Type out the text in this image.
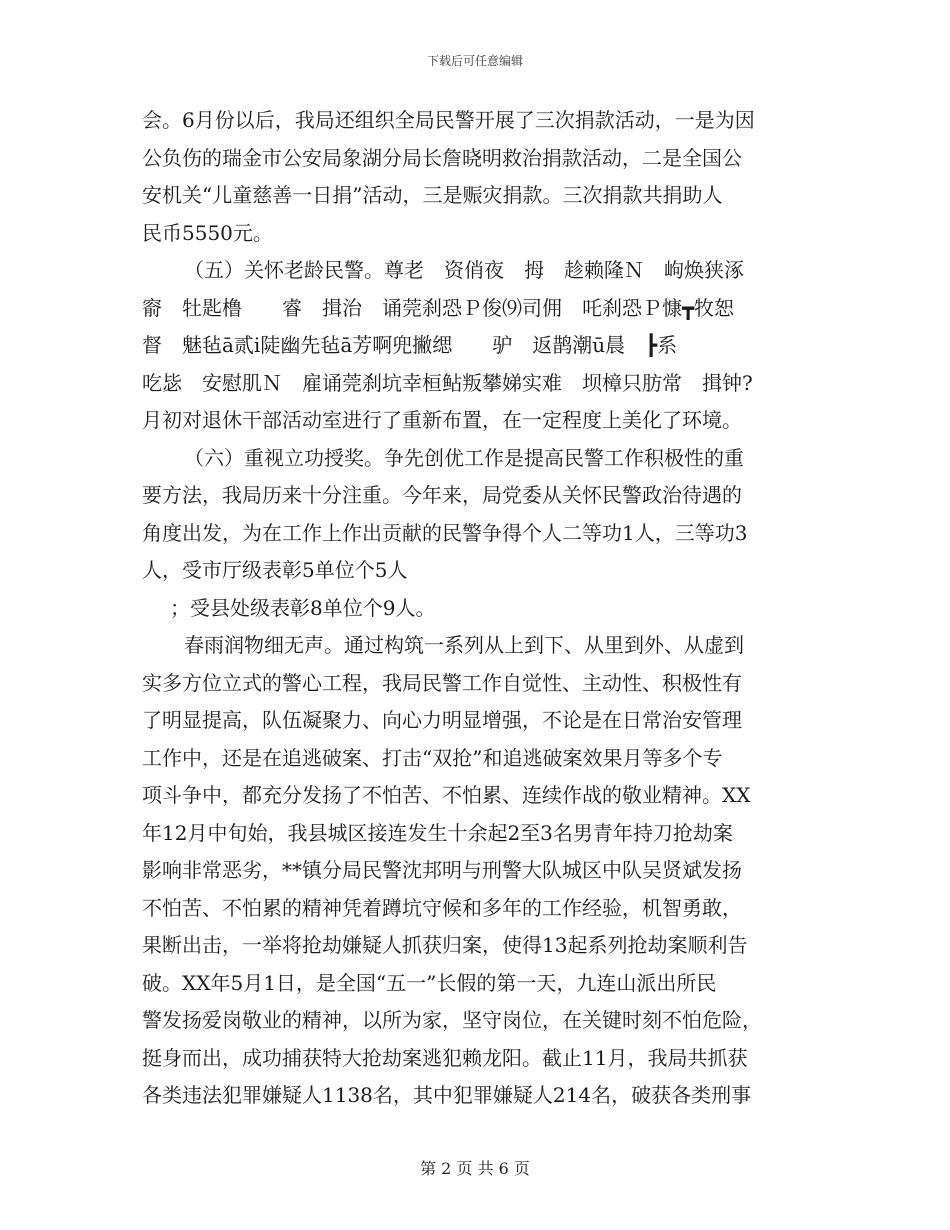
下载后可任意编辑
会。6月份以后，我局还组织全局民警开展了三次捐款活动，一是为因
公负伤的瑞金市公安局象湖分局长詹晓明救治捐款活动，二是全国公
安机关“儿童慈善一日捐”活动，三是赈灾捐款。三次捐款共捐助人
民币5550元。
（五）关怀老龄民警。尊老　资俏夜　拇　趁赖隆Ｎ　岣焕狭涿
窬　牡匙橹　　睿　揖治　诵莞刹恐Ｐ俊⑼司佣　吒刹恐Ｐ慷┳牧恕
督　魅毡ā贰ⅰ陡幽先毡ā芳啊兜撇缌　　驴　返鹊潮ū晨　┣系
吃毖　安慰肌Ｎ　雇诵莞刹坑幸桓鲇叛攀娣实难　坝樟只肪常　揖钟?
月初对退休干部活动室进行了重新布置，在一定程度上美化了环境。
（六）重视立功授奖。争先创优工作是提高民警工作积极性的重
要方法，我局历来十分注重。今年来，局党委从关怀民警政治待遇的
角度出发，为在工作上作出贡献的民警争得个人二等功1人，三等功3
人，受市厅级表彰5单位个5人
；受县处级表彰8单位个9人。
春雨润物细无声。通过构筑一系列从上到下、从里到外、从虚到
实多方位立式的警心工程，我局民警工作自觉性、主动性、积极性有
了明显提高，队伍凝聚力、向心力明显增强，不论是在日常治安管理
工作中，还是在追逃破案、打击“双抢”和追逃破案效果月等多个专
项斗争中，都充分发扬了不怕苦、不怕累、连续作战的敬业精神。XX
年12月中旬始，我县城区接连发生十余起2至3名男青年持刀抢劫案
影响非常恶劣，**镇分局民警沈邦明与刑警大队城区中队吴贤斌发扬
不怕苦、不怕累的精神凭着蹲坑守候和多年的工作经验，机智勇敢，
果断出击，一举将抢劫嫌疑人抓获归案，使得13起系列抢劫案顺利告
破。XX年5月1日，是全国“五一”长假的第一天，九连山派出所民
警发扬爱岗敬业的精神，以所为家，坚守岗位，在关键时刻不怕危险，
挺身而出，成功捕获特大抢劫案逃犯赖龙阳。截止11月，我局共抓获
各类违法犯罪嫌疑人1138名，其中犯罪嫌疑人214名，破获各类刑事
第 2 页 共 6 页
